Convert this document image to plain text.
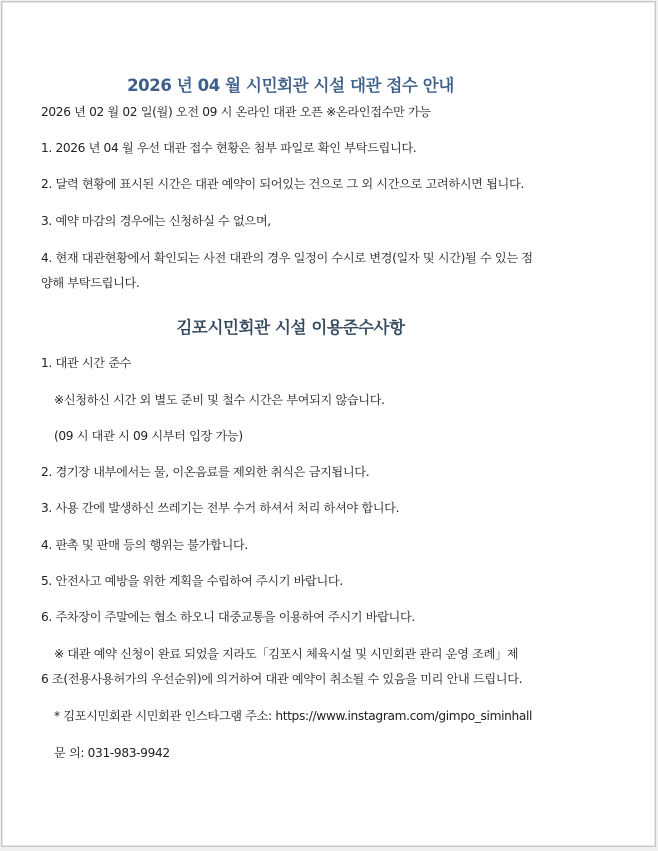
2026 년 04 월 시민회관 시설 대관 접수 안내
2026 년 02 월 02 일(월) 오전 09 시 온라인 대관 오픈 ※온라인접수만 가능
1. 2026 년 04 월 우선 대관 접수 현황은 첨부 파일로 확인 부탁드립니다.
2. 달력 현황에 표시된 시간은 대관 예약이 되어있는 건으로 그 외 시간으로 고려하시면 됩니다.
3. 예약 마감의 경우에는 신청하실 수 없으며,
4. 현재 대관현황에서 확인되는 사전 대관의 경우 일정이 수시로 변경(일자 및 시간)될 수 있는 점
양해 부탁드립니다.
김포시민회관 시설 이용준수사항
1. 대관 시간 준수
※신청하신 시간 외 별도 준비 및 철수 시간은 부여되지 않습니다.
(09 시 대관 시 09 시부터 입장 가능)
2. 경기장 내부에서는 물, 이온음료를 제외한 취식은 금지됩니다.
3. 사용 간에 발생하신 쓰레기는 전부 수거 하셔서 처리 하셔야 합니다.
4. 판촉 및 판매 등의 행위는 불가합니다.
5. 안전사고 예방을 위한 계획을 수립하여 주시기 바랍니다.
6. 주차장이 주말에는 협소 하오니 대중교통을 이용하여 주시기 바랍니다.
※ 대관 예약 신청이 완료 되었을 지라도「김포시 체육시설 및 시민회관 관리 운영 조례」제
6 조(전용사용허가의 우선순위)에 의거하여 대관 예약이 취소될 수 있음을 미리 안내 드립니다.
* 김포시민회관 시민회관 인스타그램 주소: https://www.instagram.com/gimpo_siminhall
문 의: 031-983-9942
